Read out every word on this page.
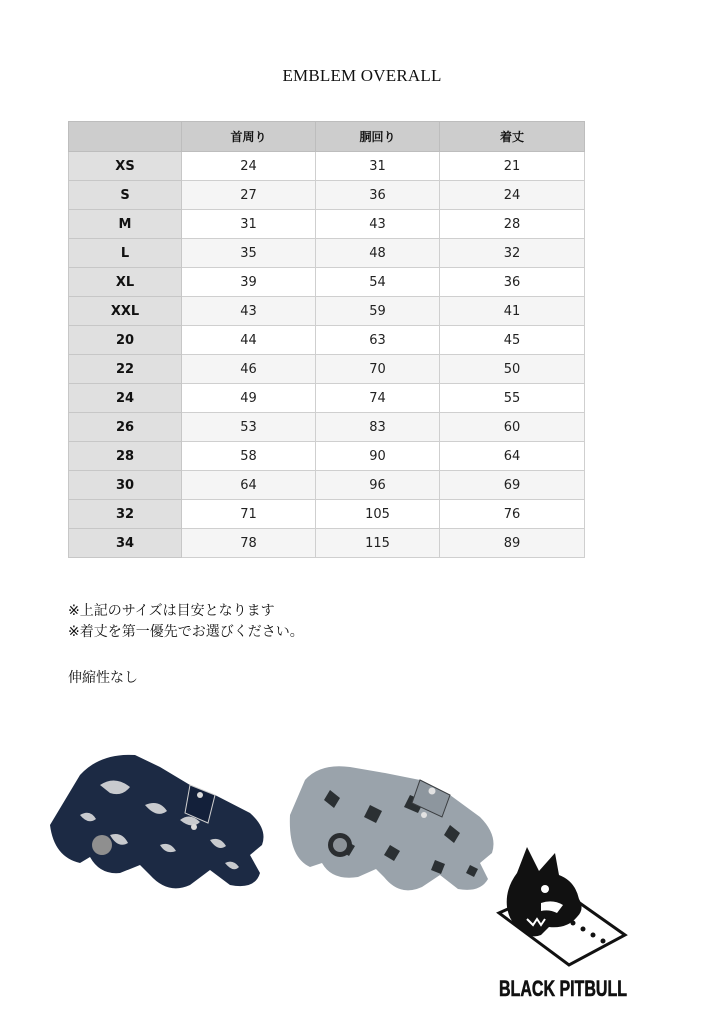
EMBLEM OVERALL
	首周り	胴回り	着丈
XS	24	31	21
S	27	36	24
M	31	43	28
L	35	48	32
XL	39	54	36
XXL	43	59	41
20	44	63	45
22	46	70	50
24	49	74	55
26	53	83	60
28	58	90	64
30	64	96	69
32	71	105	76
34	78	115	89

※上記のサイズは目安となります

※着丈を第一優先でお選びください。

伸縮性なし
BLACK PITBULL
